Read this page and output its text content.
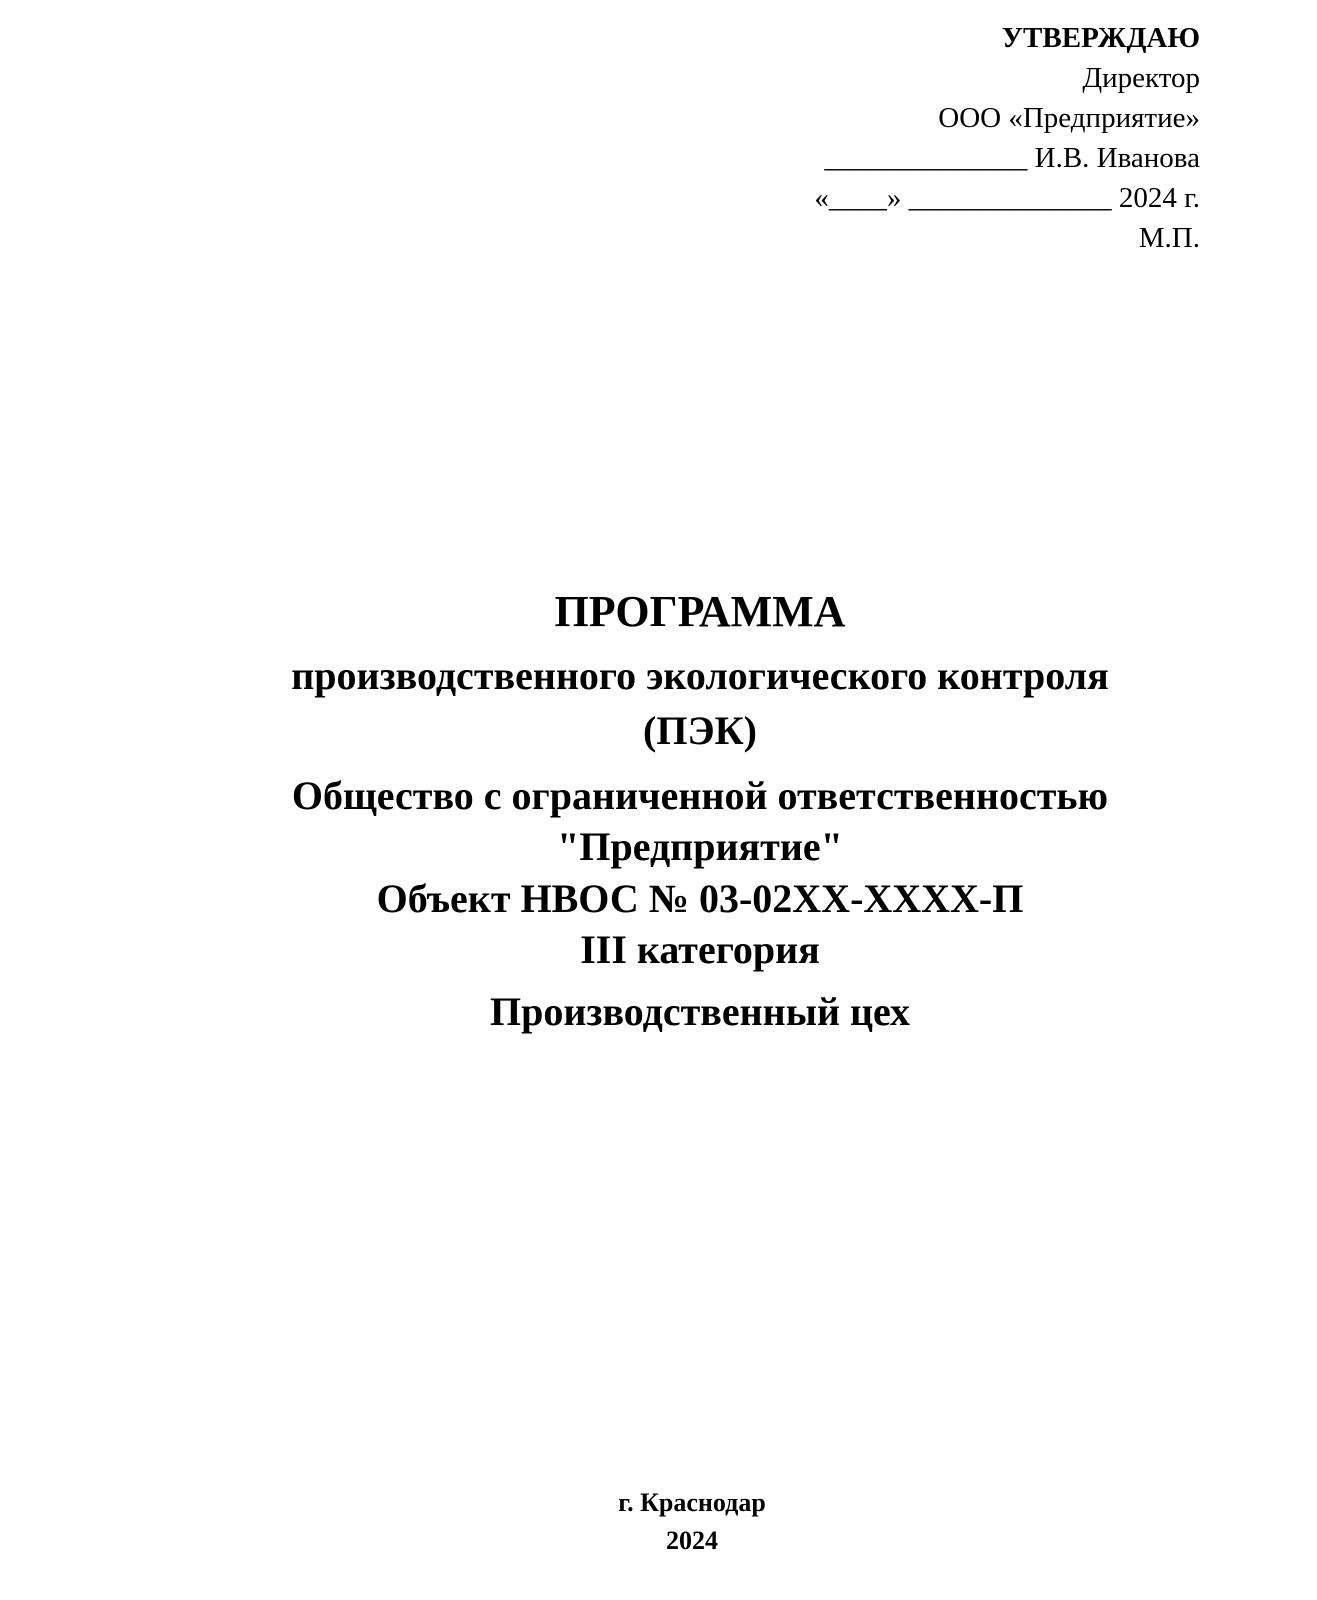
УТВЕРЖДАЮ
Директор
ООО «Предприятие»
______________ И.В. Иванова
«____» ______________ 2024 г.
М.П.
ПРОГРАММА
производственного экологического контроля
(ПЭК)
Общество с ограниченной ответственностью
"Предприятие"
Объект НВОС № 03-02XX-XXXX-П
III категория
Производственный цех
г. Краснодар
2024
